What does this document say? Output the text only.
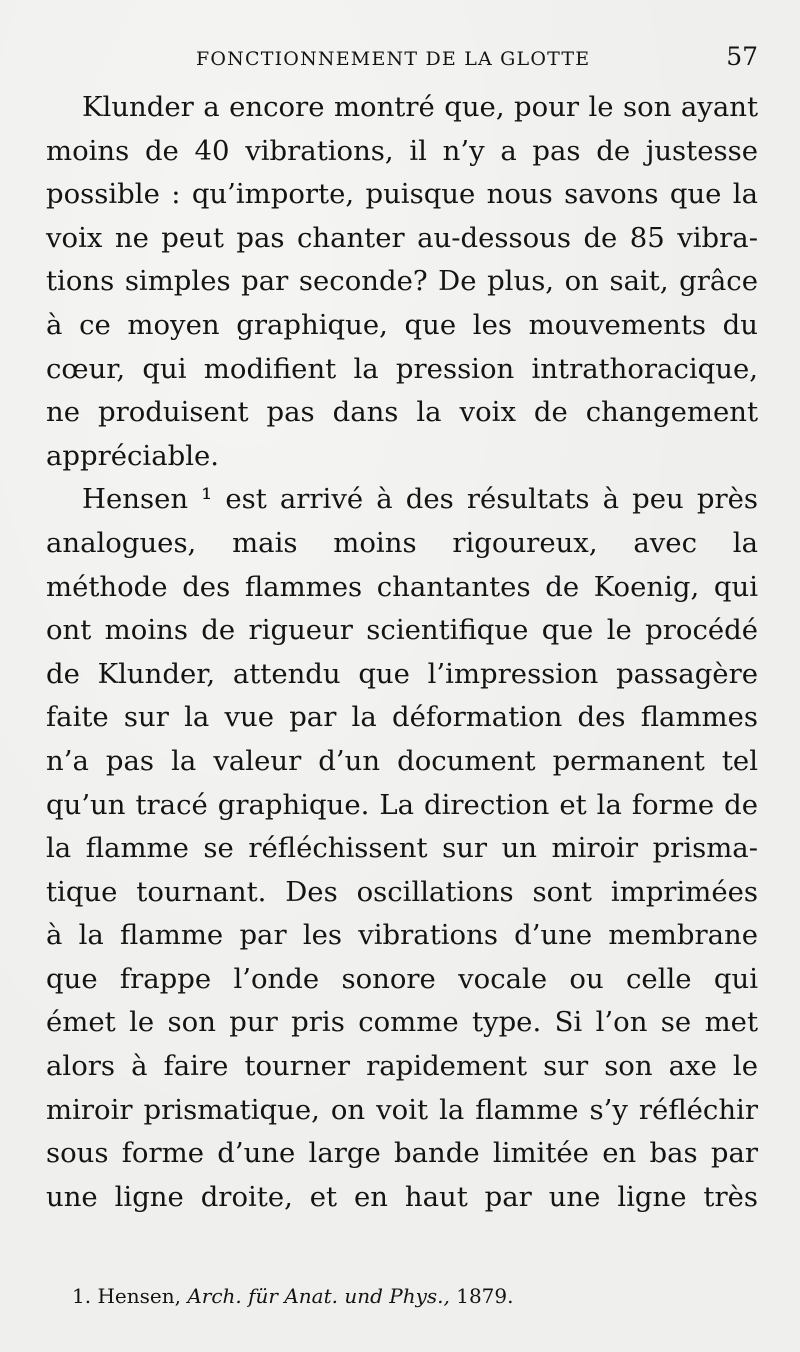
FONCTIONNEMENT DE LA GLOTTE	57
Klunder a encore montré que, pour le son ayant
moins de 40 vibrations, il n’y a pas de justesse
possible : qu’importe, puisque nous savons que la
voix ne peut pas chanter au-dessous de 85 vibra-
tions simples par seconde? De plus, on sait, grâce
à ce moyen graphique, que les mouvements du
cœur, qui modifient la pression intrathoracique,
ne produisent pas dans la voix de changement
appréciable.
Hensen ¹ est arrivé à des résultats à peu près
analogues, mais moins rigoureux, avec la
méthode des flammes chantantes de Koenig, qui
ont moins de rigueur scientifique que le procédé
de Klunder, attendu que l’impression passagère
faite sur la vue par la déformation des flammes
n’a pas la valeur d’un document permanent tel
qu’un tracé graphique. La direction et la forme de
la flamme se réfléchissent sur un miroir prisma-
tique tournant. Des oscillations sont imprimées
à la flamme par les vibrations d’une membrane
que frappe l’onde sonore vocale ou celle qui
émet le son pur pris comme type. Si l’on se met
alors à faire tourner rapidement sur son axe le
miroir prismatique, on voit la flamme s’y réfléchir
sous forme d’une large bande limitée en bas par
une ligne droite, et en haut par une ligne très
1. Hensen, Arch. für Anat. und Phys., 1879.
